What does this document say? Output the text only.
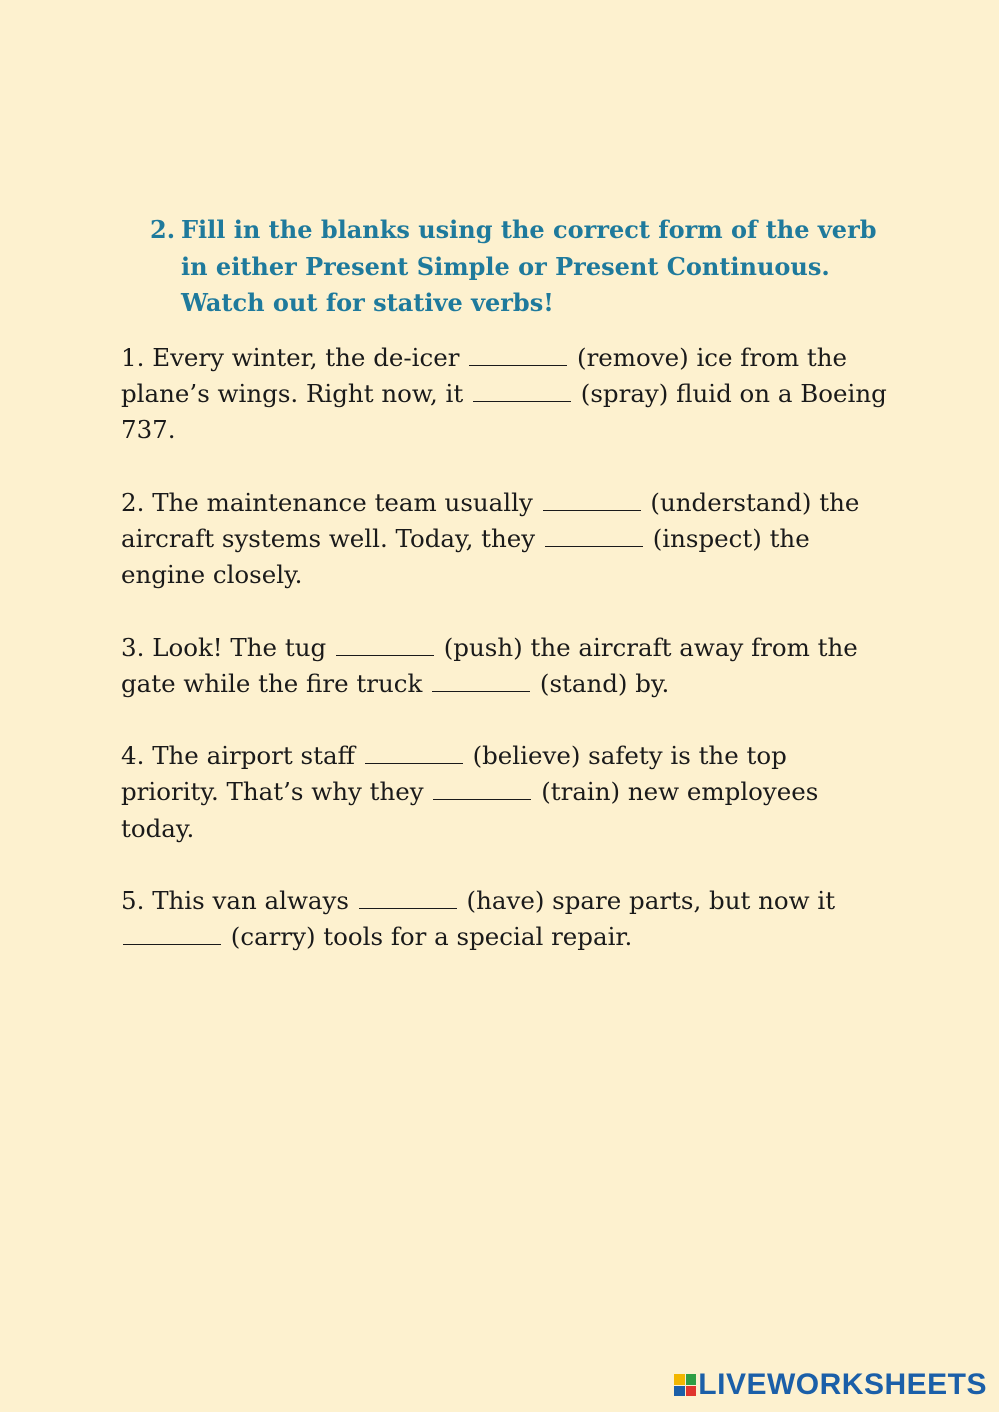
2. Fill in the blanks using the correct form of the verb in either Present Simple or Present Continuous. Watch out for stative verbs!

1. Every winter, the de-icer	(remove) ice from the plane’s wings. Right now, it	(spray) fluid on a Boeing 737.

2. The maintenance team usually	(understand) the aircraft systems well. Today, they	(inspect) the engine closely.

3. Look! The tug	(push) the aircraft away from the gate while the fire truck	(stand) by.

4. The airport staff	(believe) safety is the top priority. That’s why they	(train) new employees today.

5. This van always	(have) spare parts, but now it  (carry) tools for a special repair.

LIVEWORKSHEETS
